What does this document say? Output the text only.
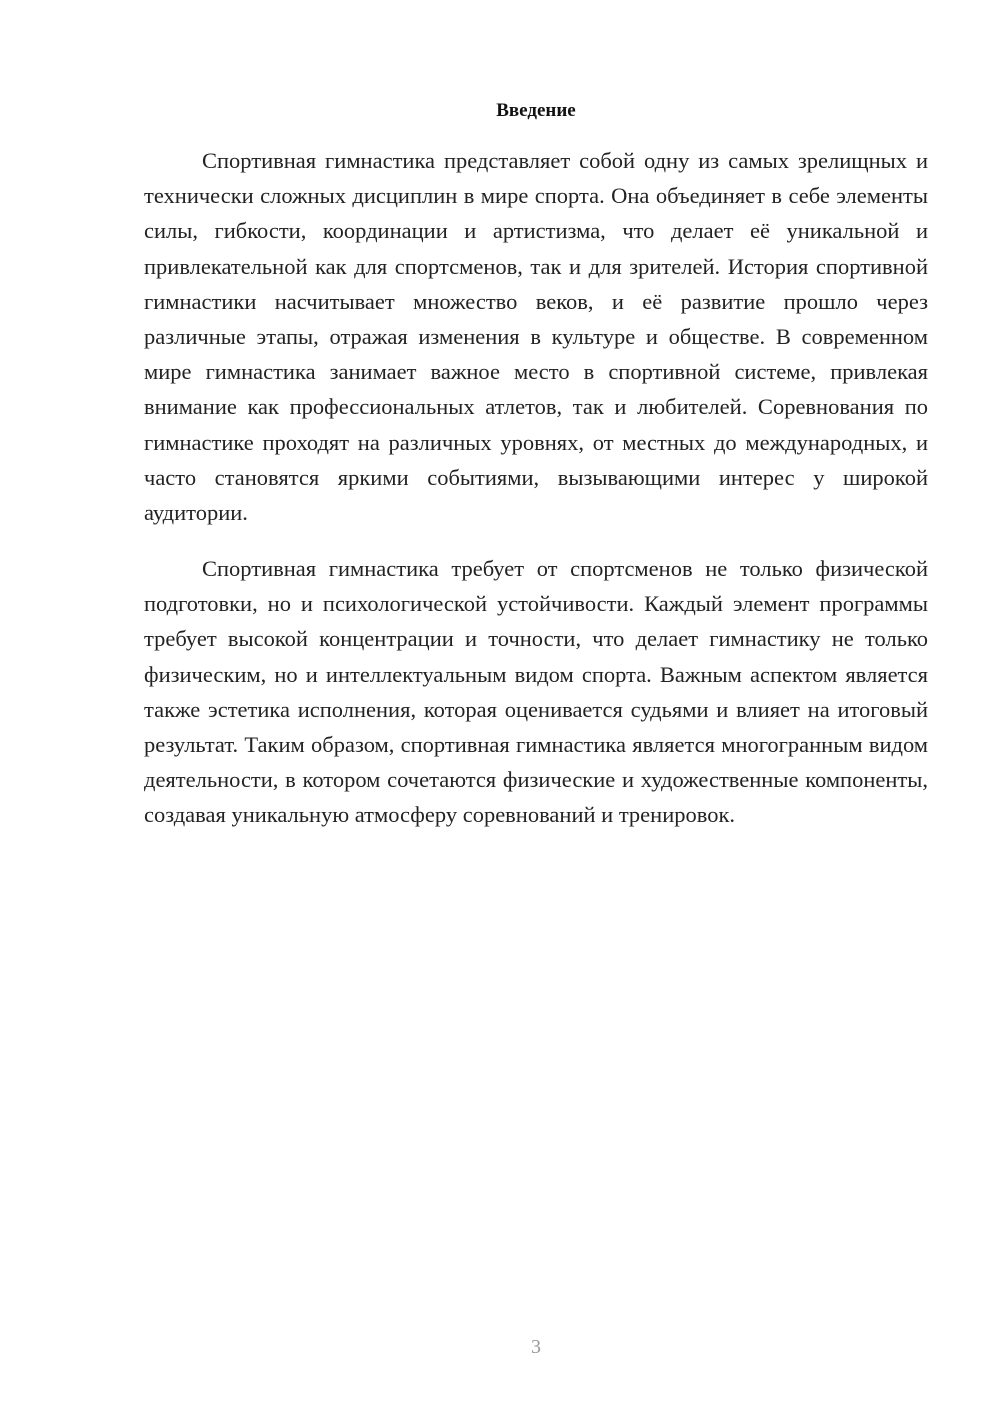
Введение

Спортивная гимнастика представляет собой одну из самых зрелищных и технически сложных дисциплин в мире спорта. Она объединяет в себе элементы силы, гибкости, координации и артистизма, что делает её уникальной и привлекательной как для спортсменов, так и для зрителей. История спортивной гимнастики насчитывает множество веков, и её развитие прошло через различные этапы, отражая изменения в культуре и обществе. В современном мире гимнастика занимает важное место в спортивной системе, привлекая внимание как профессиональных атлетов, так и любителей. Соревнования по гимнастике проходят на различных уровнях, от местных до международных, и часто становятся яркими событиями, вызывающими интерес у широкой аудитории.

Спортивная гимнастика требует от спортсменов не только физической подготовки, но и психологической устойчивости. Каждый элемент программы требует высокой концентрации и точности, что делает гимнастику не только физическим, но и интеллектуальным видом спорта. Важным аспектом является также эстетика исполнения, которая оценивается судьями и влияет на итоговый результат. Таким образом, спортивная гимнастика является многогранным видом деятельности, в котором сочетаются физические и художественные компоненты, создавая уникальную атмосферу соревнований и тренировок.

3
